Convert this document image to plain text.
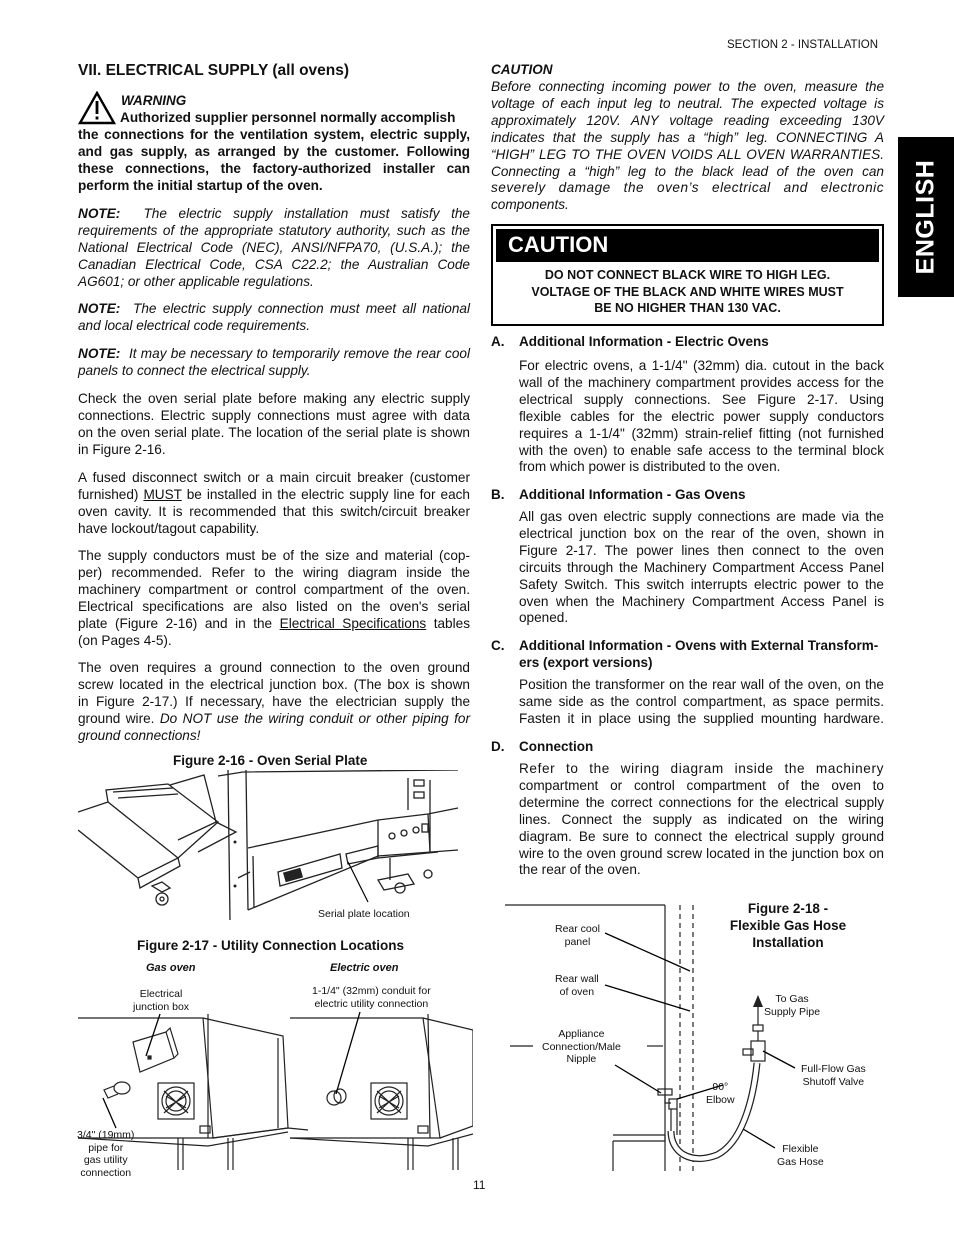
SECTION 2 - INSTALLATION
ENGLISH
11
VII. ELECTRICAL SUPPLY (all ovens)
WARNING
Authorized supplier personnel normally accomplish
the connections for the ventilation system, electric supply,
and gas supply, as arranged by the customer. Following
these connections, the factory-authorized installer can
perform the initial startup of the oven.
NOTE: The electric supply installation must satisfy the
requirements of the appropriate statutory authority, such as the
National Electrical Code (NEC), ANSI/NFPA70, (U.S.A.); the
Canadian Electrical Code, CSA C22.2; the Australian Code
AG601; or other applicable regulations.
NOTE: The electric supply connection must meet all national
and local electrical code requirements.
NOTE: It may be necessary to temporarily remove the rear cool
panels to connect the electrical supply.
Check the oven serial plate before making any electric supply
connections. Electric supply connections must agree with data
on the oven serial plate. The location of the serial plate is shown
in Figure 2-16.
A fused disconnect switch or a main circuit breaker (customer
furnished) MUST be installed in the electric supply line for each
oven cavity. It is recommended that this switch/circuit breaker
have lockout/tagout capability.
The supply conductors must be of the size and material (cop-
per) recommended. Refer to the wiring diagram inside the
machinery compartment or control compartment of the oven.
Electrical specifications are also listed on the oven's serial
plate (Figure 2-16) and in the Electrical Specifications tables
(on Pages 4-5).
The oven requires a ground connection to the oven ground
screw located in the electrical junction box. (The box is shown
in Figure 2-17.) If necessary, have the electrician supply the
ground wire. Do NOT use the wiring conduit or other piping for
ground connections!
Figure 2-16 - Oven Serial Plate
Serial plate location
Figure 2-17 - Utility Connection Locations
Gas oven	Electric oven
Electrical
junction box
1-1/4" (32mm) conduit for
electric utility connection
3/4" (19mm)
pipe for
gas utility
connection
CAUTION
Before connecting incoming power to the oven, measure the
voltage of each input leg to neutral. The expected voltage is
approximately 120V. ANY voltage reading exceeding 130V
indicates that the supply has a “high” leg. CONNECTING A
“HIGH” LEG TO THE OVEN VOIDS ALL OVEN WARRANTIES.
Connecting a “high” leg to the black lead of the oven can
severely damage the oven’s electrical and electronic
components.
CAUTION
DO NOT CONNECT BLACK WIRE TO HIGH LEG.
VOLTAGE OF THE BLACK AND WHITE WIRES MUST
BE NO HIGHER THAN 130 VAC.
A. Additional Information - Electric Ovens
For electric ovens, a 1-1/4" (32mm) dia. cutout in the back
wall of the machinery compartment provides access for the
electrical supply connections. See Figure 2-17. Using
flexible cables for the electric power supply conductors
requires a 1-1/4" (32mm) strain-relief fitting (not furnished
with the oven) to enable safe access to the terminal block
from which power is distributed to the oven.
B. Additional Information - Gas Ovens
All gas oven electric supply connections are made via the
electrical junction box on the rear of the oven, shown in
Figure 2-17. The power lines then connect to the oven
circuits through the Machinery Compartment Access Panel
Safety Switch. This switch interrupts electric power to the
oven when the Machinery Compartment Access Panel is
opened.
C. Additional Information - Ovens with External Transform-
ers (export versions)
Position the transformer on the rear wall of the oven, on the
same side as the control compartment, as space permits.
Fasten it in place using the supplied mounting hardware.
D. Connection
Refer to the wiring diagram inside the machinery
compartment or control compartment of the oven to
determine the correct connections for the electrical supply
lines. Connect the supply as indicated on the wiring
diagram. Be sure to connect the electrical supply ground
wire to the oven ground screw located in the junction box on
the rear of the oven.
Figure 2-18 -
Flexible Gas Hose
Installation
Rear cool
panel
Rear wall
of oven
Appliance
Connection/Male
Nipple
90°
Elbow
To Gas
Supply Pipe
Full-Flow Gas
Shutoff Valve
Flexible
Gas Hose
